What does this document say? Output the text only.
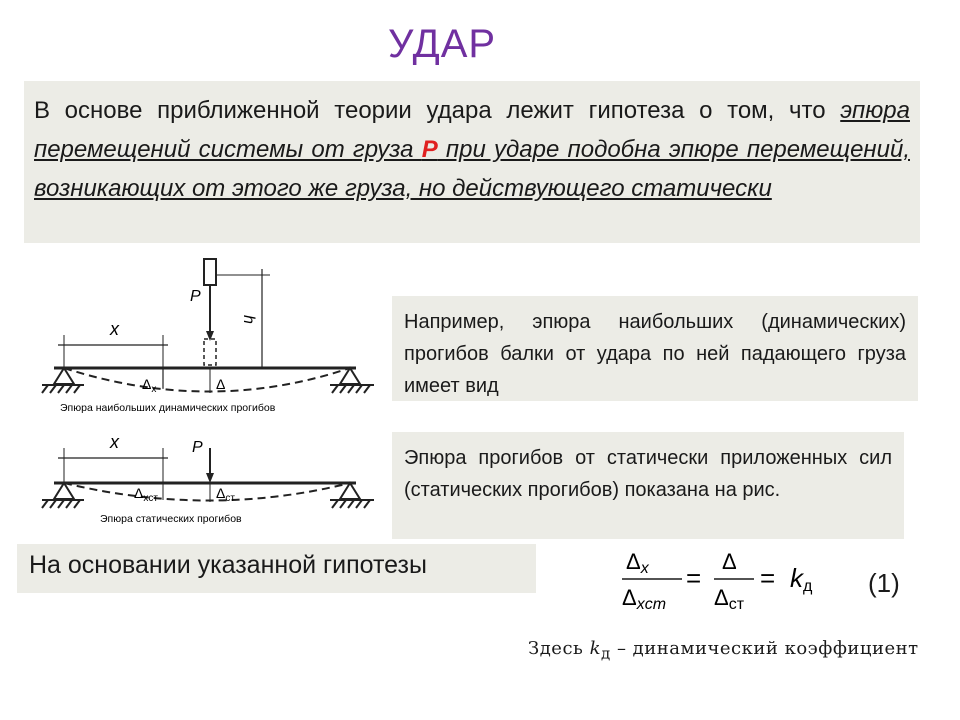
УДАР

В основе приближенной теории удара лежит гипотеза о том, что эпюра перемещений системы от груза Р при ударе подобна эпюре перемещений, возникающих от этого же груза, но действующего статически

x
P
Δ
$\Delta_x$
h
Эпюра наибольших динамических прогибов
x	P
$\Delta_{ст}$
$\Delta_{xст}$
Эпюра статических прогибов

Например, эпюра наибольших (динамических) прогибов балки от удара по ней падающего груза имеет вид

Эпюра прогибов от статически приложенных сил (статических прогибов) показана на рис.

На основании указанной гипотезы	Δx
Δxст
=
Δ
Δст
= kд (1)
Здесь $k_д$ – динамический коэффициент
